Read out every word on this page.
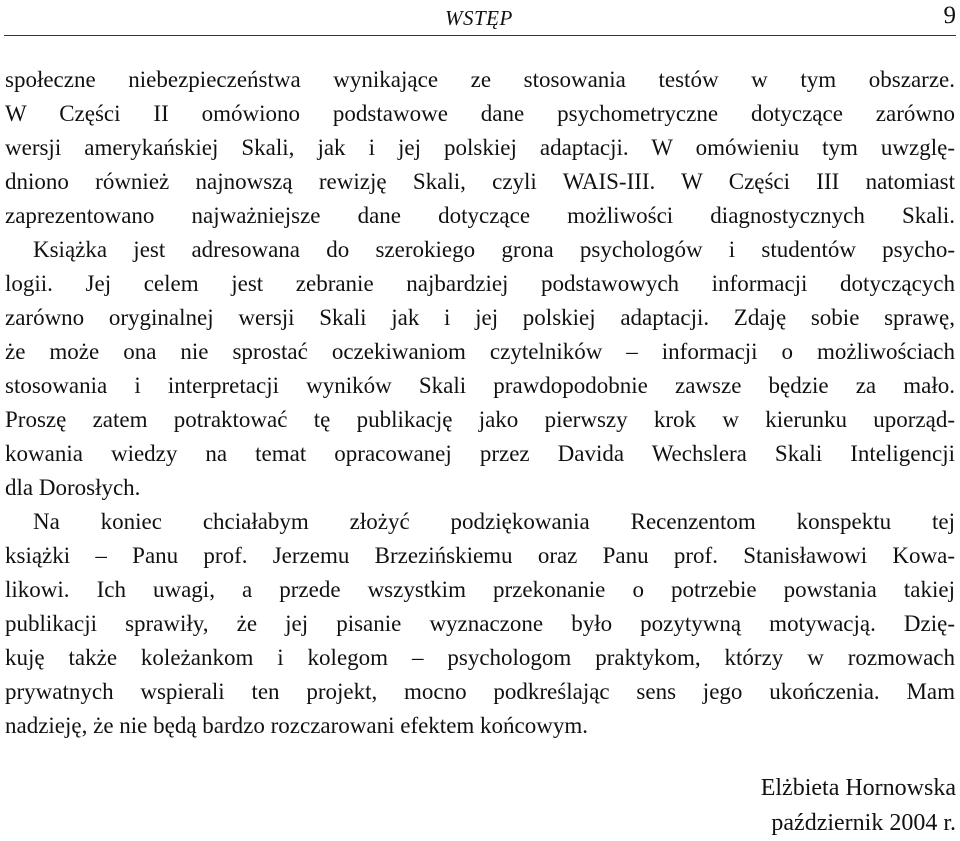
WSTĘP	9
społeczne niebezpieczeństwa wynikające ze stosowania testów w tym obszarze.
W Części II omówiono podstawowe dane psychometryczne dotyczące zarówno
wersji amerykańskiej Skali, jak i jej polskiej adaptacji. W omówieniu tym uwzglę-
dniono również najnowszą rewizję Skali, czyli WAIS-III. W Części III natomiast
zaprezentowano najważniejsze dane dotyczące możliwości diagnostycznych Skali.
Książka jest adresowana do szerokiego grona psychologów i studentów psycho-
logii. Jej celem jest zebranie najbardziej podstawowych informacji dotyczących
zarówno oryginalnej wersji Skali jak i jej polskiej adaptacji. Zdaję sobie sprawę,
że może ona nie sprostać oczekiwaniom czytelników – informacji o możliwościach
stosowania i interpretacji wyników Skali prawdopodobnie zawsze będzie za mało.
Proszę zatem potraktować tę publikację jako pierwszy krok w kierunku uporząd-
kowania wiedzy na temat opracowanej przez Davida Wechslera Skali Inteligencji
dla Dorosłych.
Na koniec chciałabym złożyć podziękowania Recenzentom konspektu tej
książki – Panu prof. Jerzemu Brzezińskiemu oraz Panu prof. Stanisławowi Kowa-
likowi. Ich uwagi, a przede wszystkim przekonanie o potrzebie powstania takiej
publikacji sprawiły, że jej pisanie wyznaczone było pozytywną motywacją. Dzię-
kuję także koleżankom i kolegom – psychologom praktykom, którzy w rozmowach
prywatnych wspierali ten projekt, mocno podkreślając sens jego ukończenia. Mam
nadzieję, że nie będą bardzo rozczarowani efektem końcowym.
Elżbieta Hornowska
październik 2004 r.
